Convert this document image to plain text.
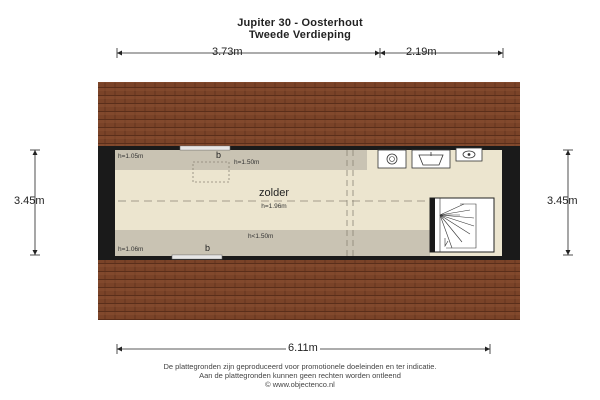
Jupiter 30 - Oosterhout
Tweede Verdieping
zolder
h=1.96m
h=1.05m
h=1.50m
h=1.06m
h<1.50m
b
b
3.73m	2.19m
3.45m	3.45m
6.11m
De plattegronden zijn geproduceerd voor promotionele doeleinden en ter indicatie.
Aan de plattegronden kunnen geen rechten worden ontleend
© www.objectenco.nl
